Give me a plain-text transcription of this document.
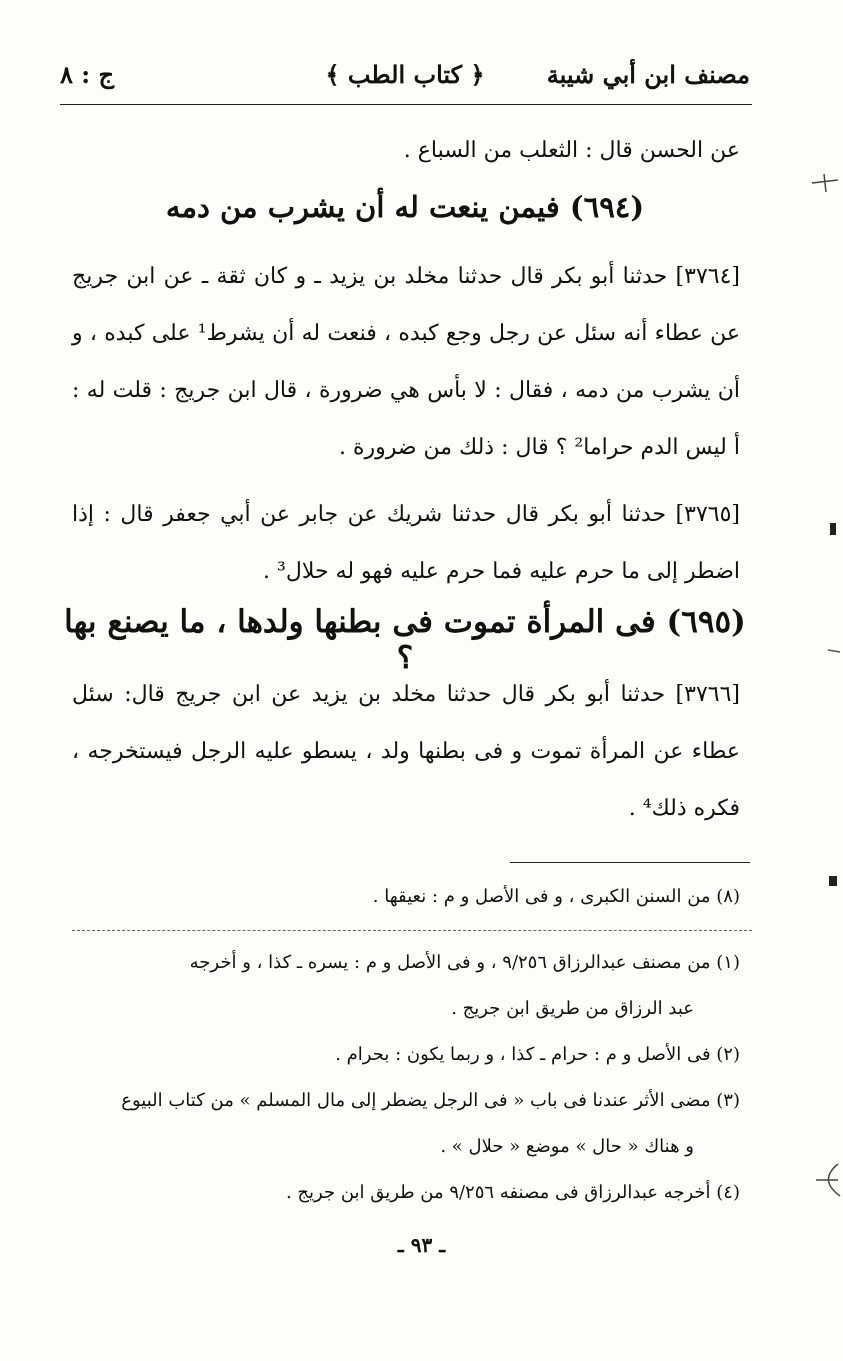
مصنف ابن أبي شيبة
﴿ كتاب الطب ﴾
ج : ٨
عن الحسن قال : الثعلب من السباع .
(٦٩٤) فيمن ينعت له أن يشرب من دمه
[٣٧٦٤] حدثنا أبو بكر قال حدثنا مخلد بن يزيد ـ و كان ثقة ـ عن ابن جريج عن عطاء أنه سئل عن رجل وجع كبده ، فنعت له أن يشرط¹ على كبده ، و أن يشرب من دمه ، فقال : لا بأس هي ضرورة ، قال ابن جريج : قلت له : أ ليس الدم حراما² ؟ قال : ذلك من ضرورة .
[٣٧٦٥] حدثنا أبو بكر قال حدثنا شريك عن جابر عن أبي جعفر قال : إذا اضطر إلى ما حرم عليه فما حرم عليه فهو له حلال³ .
(٦٩٥) فى المرأة تموت فى بطنها ولدها ، ما يصنع بها ؟
[٣٧٦٦] حدثنا أبو بكر قال حدثنا مخلد بن يزيد عن ابن جريج قال: سئل عطاء عن المرأة تموت و فى بطنها ولد ، يسطو عليه الرجل فيستخرجه ، فكره ذلك⁴ .
(٨) من السنن الكبرى ، و فى الأصل و م : نعيقها .
(١) من مصنف عبدالرزاق ٩/٢٥٦ ، و فى الأصل و م : يسره ـ كذا ، و أخرجه
عبد الرزاق من طريق ابن جريج .
(٢) فى الأصل و م : حرام ـ كذا ، و ربما يكون : بحرام .
(٣) مضى الأثر عندنا فى باب « فى الرجل يضطر إلى مال المسلم » من كتاب البيوع
و هناك « حال » موضع « حلال » .
(٤) أخرجه عبدالرزاق فى مصنفه ٩/٢٥٦ من طريق ابن جريج .
ـ ٩٣ ـ
